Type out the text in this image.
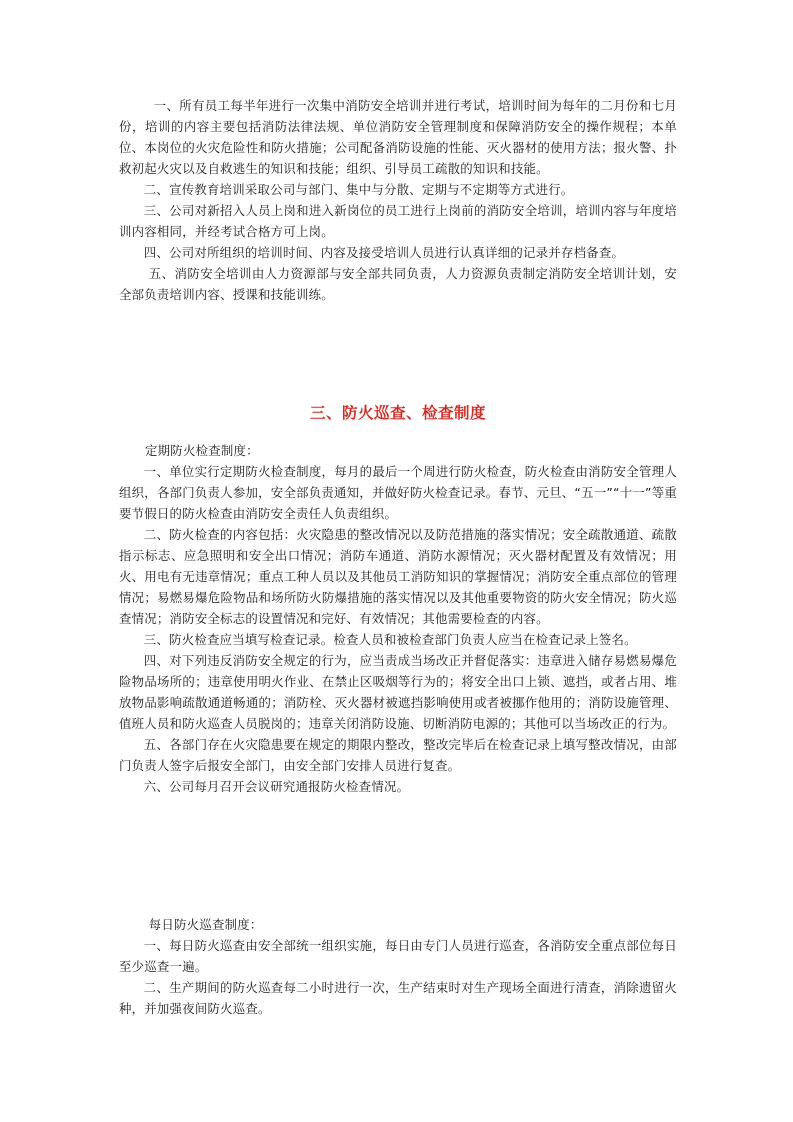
一、所有员工每半年进行一次集中消防安全培训并进行考试，培训时间为每年的二月份和七月份，培训的内容主要包括消防法律法规、单位消防安全管理制度和保障消防安全的操作规程；本单位、本岗位的火灾危险性和防火措施；公司配备消防设施的性能、灭火器材的使用方法；报火警、扑救初起火灾以及自救逃生的知识和技能；组织、引导员工疏散的知识和技能。

二、宣传教育培训采取公司与部门、集中与分散、定期与不定期等方式进行。

三、公司对新招入人员上岗和进入新岗位的员工进行上岗前的消防安全培训，培训内容与年度培训内容相同，并经考试合格方可上岗。

四、公司对所组织的培训时间、内容及接受培训人员进行认真详细的记录并存档备查。

五、消防安全培训由人力资源部与安全部共同负责，人力资源负责制定消防安全培训计划，安全部负责培训内容、授课和技能训练。

三、防火巡查、检查制度

定期防火检查制度：

一、单位实行定期防火检查制度，每月的最后一个周进行防火检查，防火检查由消防安全管理人组织，各部门负责人参加，安全部负责通知，并做好防火检查记录。春节、元旦、“五一”“十一”等重要节假日的防火检查由消防安全责任人负责组织。

二、防火检查的内容包括：火灾隐患的整改情况以及防范措施的落实情况；安全疏散通道、疏散指示标志、应急照明和安全出口情况；消防车通道、消防水源情况；灭火器材配置及有效情况；用火、用电有无违章情况；重点工种人员以及其他员工消防知识的掌握情况；消防安全重点部位的管理情况；易燃易爆危险物品和场所防火防爆措施的落实情况以及其他重要物资的防火安全情况；防火巡查情况；消防安全标志的设置情况和完好、有效情况；其他需要检查的内容。

三、防火检查应当填写检查记录。检查人员和被检查部门负责人应当在检查记录上签名。

四、对下列违反消防安全规定的行为，应当责成当场改正并督促落实：违章进入储存易燃易爆危险物品场所的；违章使用明火作业、在禁止区吸烟等行为的；将安全出口上锁、遮挡，或者占用、堆放物品影响疏散通道畅通的；消防栓、灭火器材被遮挡影响使用或者被挪作他用的；消防设施管理、值班人员和防火巡查人员脱岗的；违章关闭消防设施、切断消防电源的；其他可以当场改正的行为。

五、各部门存在火灾隐患要在规定的期限内整改，整改完毕后在检查记录上填写整改情况，由部门负责人签字后报安全部门，由安全部门安排人员进行复查。

六、公司每月召开会议研究通报防火检查情况。

每日防火巡查制度：

一、每日防火巡查由安全部统一组织实施，每日由专门人员进行巡查，各消防安全重点部位每日至少巡查一遍。

二、生产期间的防火巡查每二小时进行一次，生产结束时对生产现场全面进行清查，消除遗留火种，并加强夜间防火巡查。
